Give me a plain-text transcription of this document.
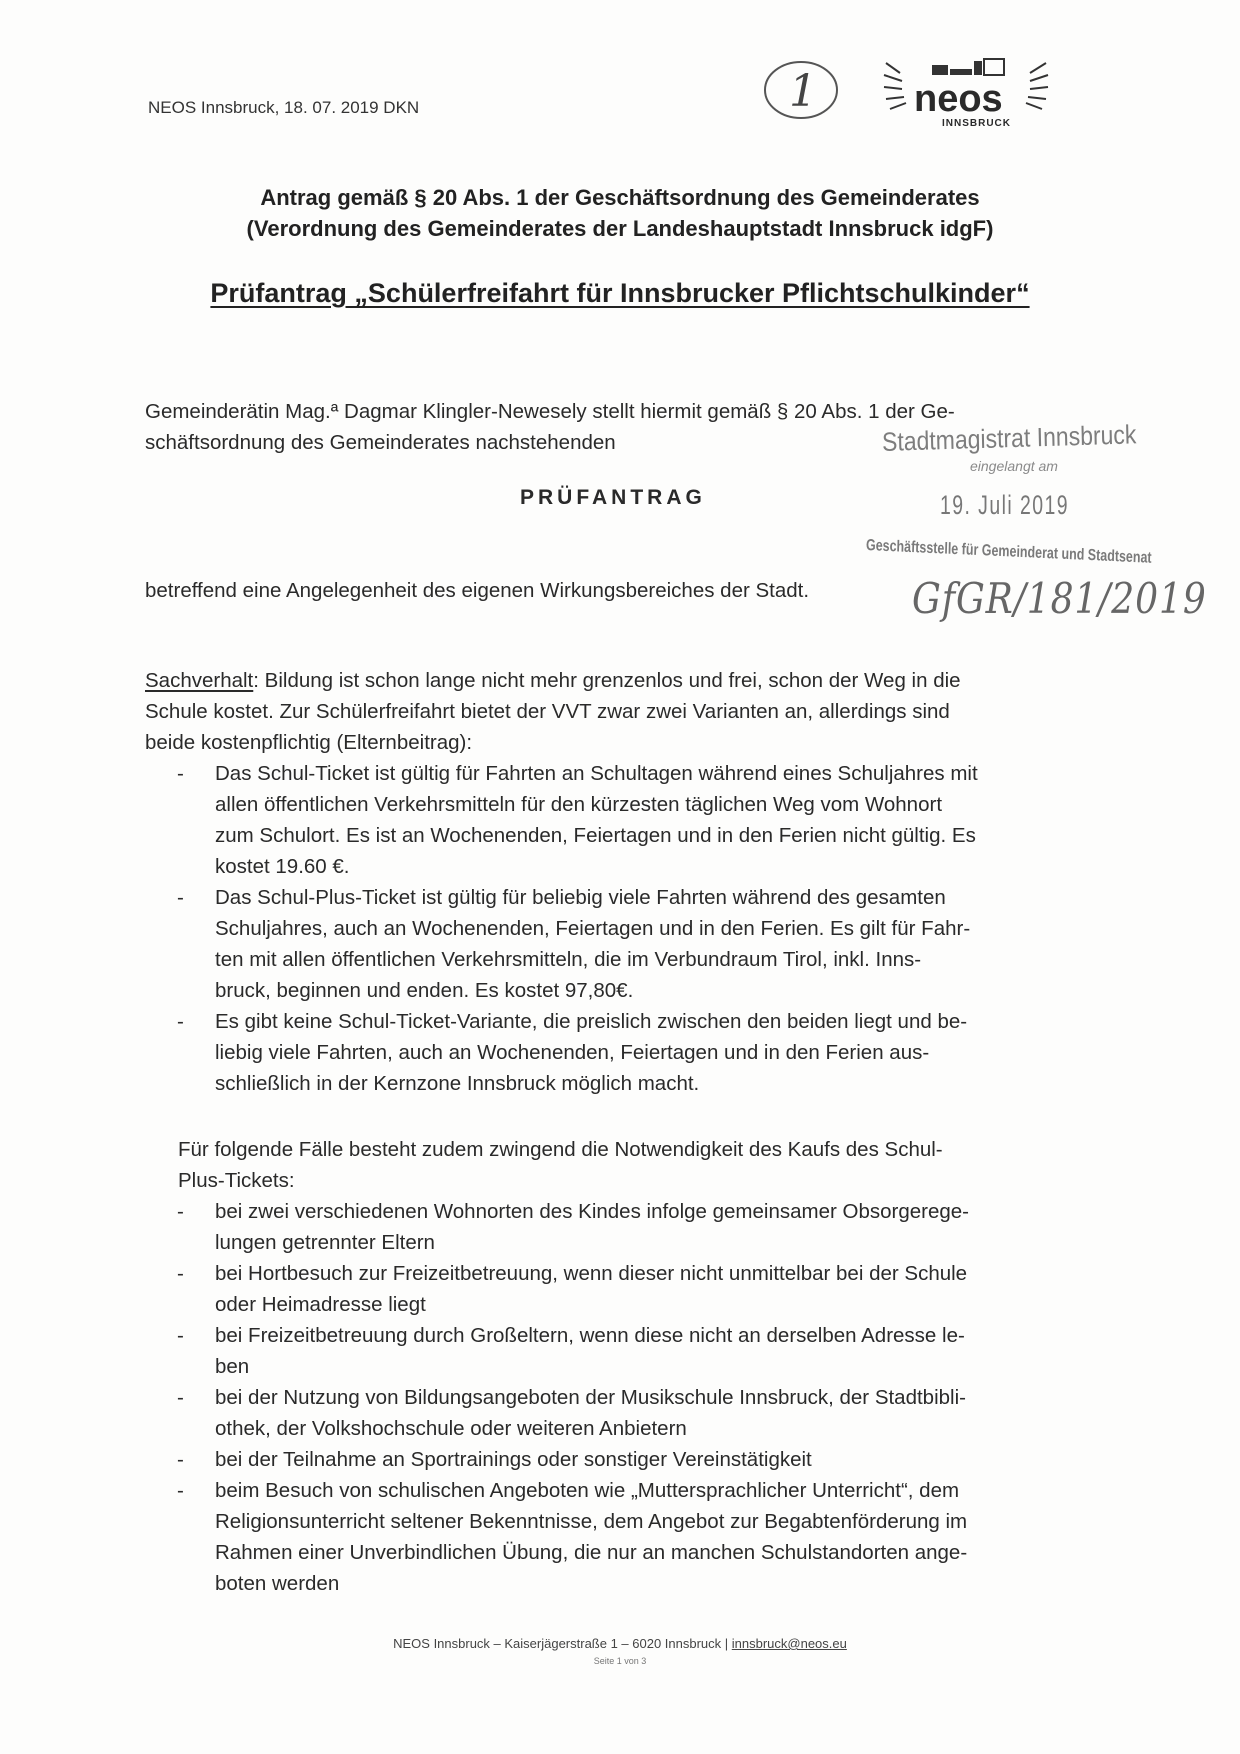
NEOS Innsbruck, 18. 07. 2019 DKN	1	neos
INNSBRUCK
Antrag gemäß § 20 Abs. 1 der Geschäftsordnung des Gemeinderates
(Verordnung des Gemeinderates der Landeshauptstadt Innsbruck idgF)
Prüfantrag „Schülerfreifahrt für Innsbrucker Pflichtschulkinder“
Gemeinderätin Mag.ª Dagmar Klingler-Newesely stellt hiermit gemäß § 20 Abs. 1 der Ge-
schäftsordnung des Gemeinderates nachstehenden
PRÜFANTRAG
Stadtmagistrat Innsbruck
eingelangt am
19. Juli 2019
Geschäftsstelle für Gemeinderat und Stadtsenat
betreffend eine Angelegenheit des eigenen Wirkungsbereiches der Stadt.	GfGR/181/2019
Sachverhalt: Bildung ist schon lange nicht mehr grenzenlos und frei, schon der Weg in die
Schule kostet. Zur Schülerfreifahrt bietet der VVT zwar zwei Varianten an, allerdings sind
beide kostenpflichtig (Elternbeitrag):
- Das Schul-Ticket ist gültig für Fahrten an Schultagen während eines Schuljahres mit
allen öffentlichen Verkehrsmitteln für den kürzesten täglichen Weg vom Wohnort
zum Schulort. Es ist an Wochenenden, Feiertagen und in den Ferien nicht gültig. Es
kostet 19.60 €.
- Das Schul-Plus-Ticket ist gültig für beliebig viele Fahrten während des gesamten
Schuljahres, auch an Wochenenden, Feiertagen und in den Ferien. Es gilt für Fahr-
ten mit allen öffentlichen Verkehrsmitteln, die im Verbundraum Tirol, inkl. Inns-
bruck, beginnen und enden. Es kostet 97,80€.
- Es gibt keine Schul-Ticket-Variante, die preislich zwischen den beiden liegt und be-
liebig viele Fahrten, auch an Wochenenden, Feiertagen und in den Ferien aus-
schließlich in der Kernzone Innsbruck möglich macht.
Für folgende Fälle besteht zudem zwingend die Notwendigkeit des Kaufs des Schul-
Plus-Tickets:
- bei zwei verschiedenen Wohnorten des Kindes infolge gemeinsamer Obsorgerege-
lungen getrennter Eltern
- bei Hortbesuch zur Freizeitbetreuung, wenn dieser nicht unmittelbar bei der Schule
oder Heimadresse liegt
- bei Freizeitbetreuung durch Großeltern, wenn diese nicht an derselben Adresse le-
ben
- bei der Nutzung von Bildungsangeboten der Musikschule Innsbruck, der Stadtbibli-
othek, der Volkshochschule oder weiteren Anbietern
- bei der Teilnahme an Sportrainings oder sonstiger Vereinstätigkeit
- beim Besuch von schulischen Angeboten wie „Muttersprachlicher Unterricht“, dem
Religionsunterricht seltener Bekenntnisse, dem Angebot zur Begabtenförderung im
Rahmen einer Unverbindlichen Übung, die nur an manchen Schulstandorten ange-
boten werden
NEOS Innsbruck – Kaiserjägerstraße 1 – 6020 Innsbruck | innsbruck@neos.eu
Seite 1 von 3
